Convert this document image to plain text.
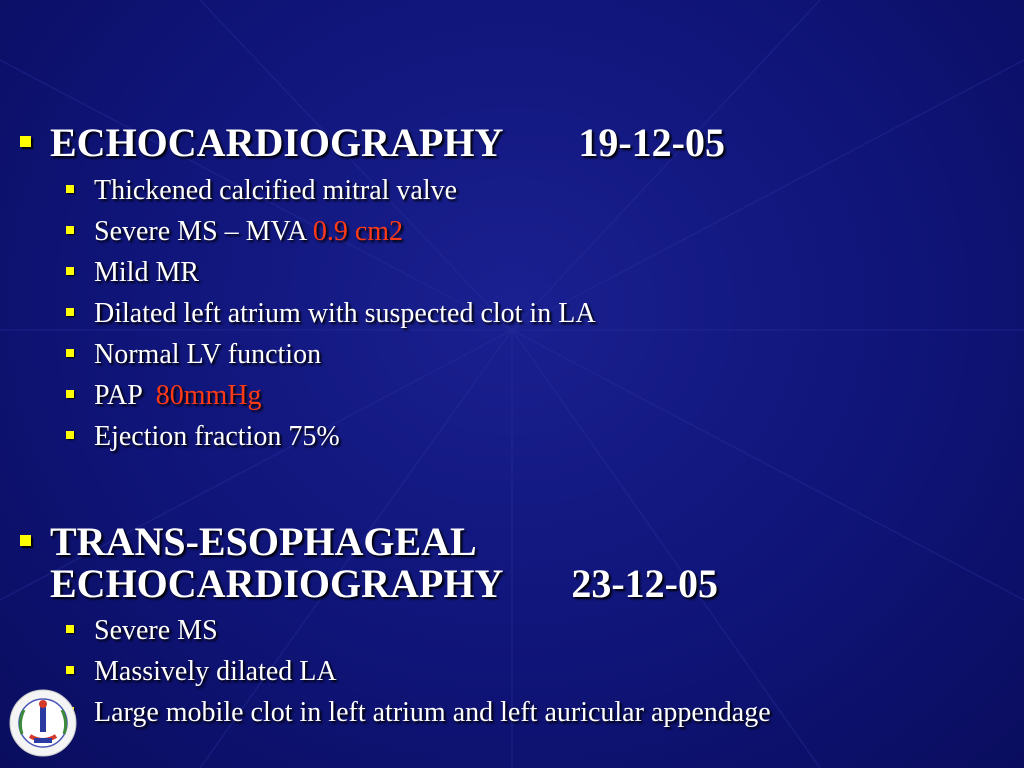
ECHOCARDIOGRAPHY 19-12-05
Thickened calcified mitral valve
Severe MS – MVA 0.9 cm2
Mild MR
Dilated left atrium with suspected clot in LA
Normal LV function
PAP  80mmHg
Ejection fraction 75%
TRANS-ESOPHAGEAL
ECHOCARDIOGRAPHY 23-12-05
Severe MS
Massively dilated LA
Large mobile clot in left atrium and left auricular appendage
